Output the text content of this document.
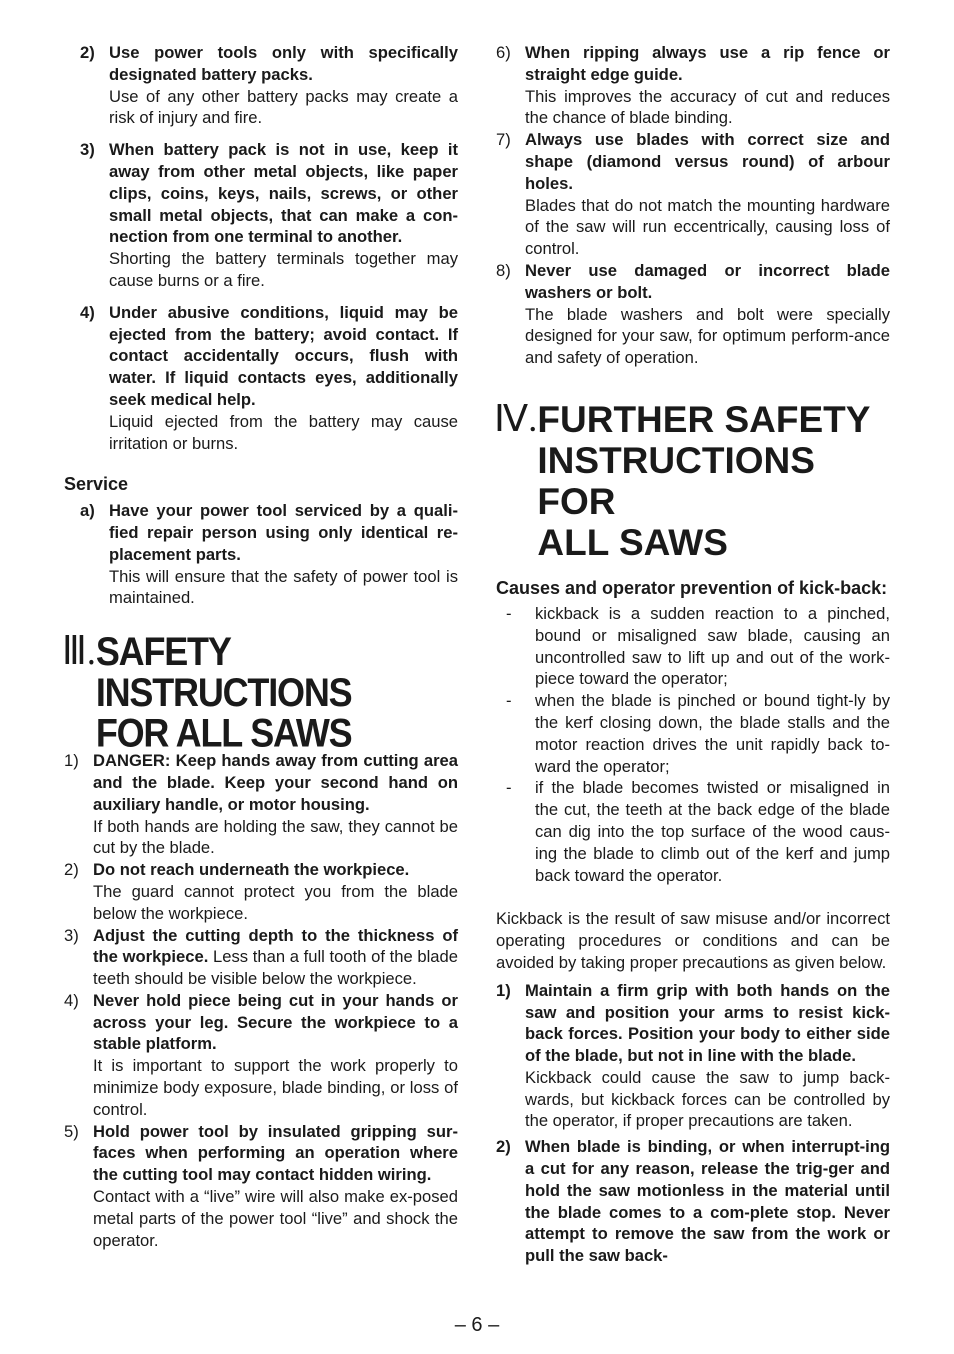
2) Use power tools only with specifically designated battery packs.
Use of any other battery packs may create a risk of injury and fire.
3) When battery pack is not in use, keep it away from other metal objects, like paper clips, coins, keys, nails, screws, or other small metal objects, that can make a con-nection from one terminal to another.
Shorting the battery terminals together may cause burns or a fire.
4) Under abusive conditions, liquid may be ejected from the battery; avoid contact. If contact accidentally occurs, flush with water. If liquid contacts eyes, additionally seek medical help.
Liquid ejected from the battery may cause irritation or burns.
Service
a) Have your power tool serviced by a quali-fied repair person using only identical re-placement parts.
This will ensure that the safety of power tool is maintained.
Ⅲ. SAFETY INSTRUCTIONS
FOR ALL SAWS
1) DANGER: Keep hands away from cutting area and the blade. Keep your second hand on auxiliary handle, or motor housing.
If both hands are holding the saw, they cannot be cut by the blade.
2) Do not reach underneath the workpiece.
The guard cannot protect you from the blade below the workpiece.
3) Adjust the cutting depth to the thickness of the workpiece. Less than a full tooth of the blade teeth should be visible below the workpiece.
4) Never hold piece being cut in your hands or across your leg. Secure the workpiece to a stable platform.
It is important to support the work properly to minimize body exposure, blade binding, or loss of control.
5) Hold power tool by insulated gripping sur-faces when performing an operation where the cutting tool may contact hidden wiring.
Contact with a “live” wire will also make ex-posed metal parts of the power tool “live” and shock the operator.
6) When ripping always use a rip fence or straight edge guide.
This improves the accuracy of cut and reduces the chance of blade binding.
7) Always use blades with correct size and shape (diamond versus round) of arbour holes.
Blades that do not match the mounting hardware of the saw will run eccentrically, causing loss of control.
8) Never use damaged or incorrect blade washers or bolt.
The blade washers and bolt were specially designed for your saw, for optimum perform-ance and safety of operation.
Ⅳ. FURTHER SAFETY
INSTRUCTIONS FOR
ALL SAWS
Causes and operator prevention of kick-back:
-	kickback is a sudden reaction to a pinched, bound or misaligned saw blade, causing an uncontrolled saw to lift up and out of the work-piece toward the operator;
-	when the blade is pinched or bound tight-ly by the kerf closing down, the blade stalls and the motor reaction drives the unit rapidly back to-ward the operator;
-	if the blade becomes twisted or misaligned in the cut, the teeth at the back edge of the blade can dig into the top surface of the wood caus-ing the blade to climb out of the kerf and jump back toward the operator.
Kickback is the result of saw misuse and/or incorrect operating procedures or conditions and can be avoided by taking proper precautions as given below.
1) Maintain a firm grip with both hands on the saw and position your arms to resist kick-back forces. Position your body to either side of the blade, but not in line with the blade.
Kickback could cause the saw to jump back-wards, but kickback forces can be controlled by the operator, if proper precautions are taken.
2) When blade is binding, or when interrupt-ing a cut for any reason, release the trig-ger and hold the saw motionless in the material until the blade comes to a com-plete stop. Never attempt to remove the saw from the work or pull the saw back-
– 6 –
